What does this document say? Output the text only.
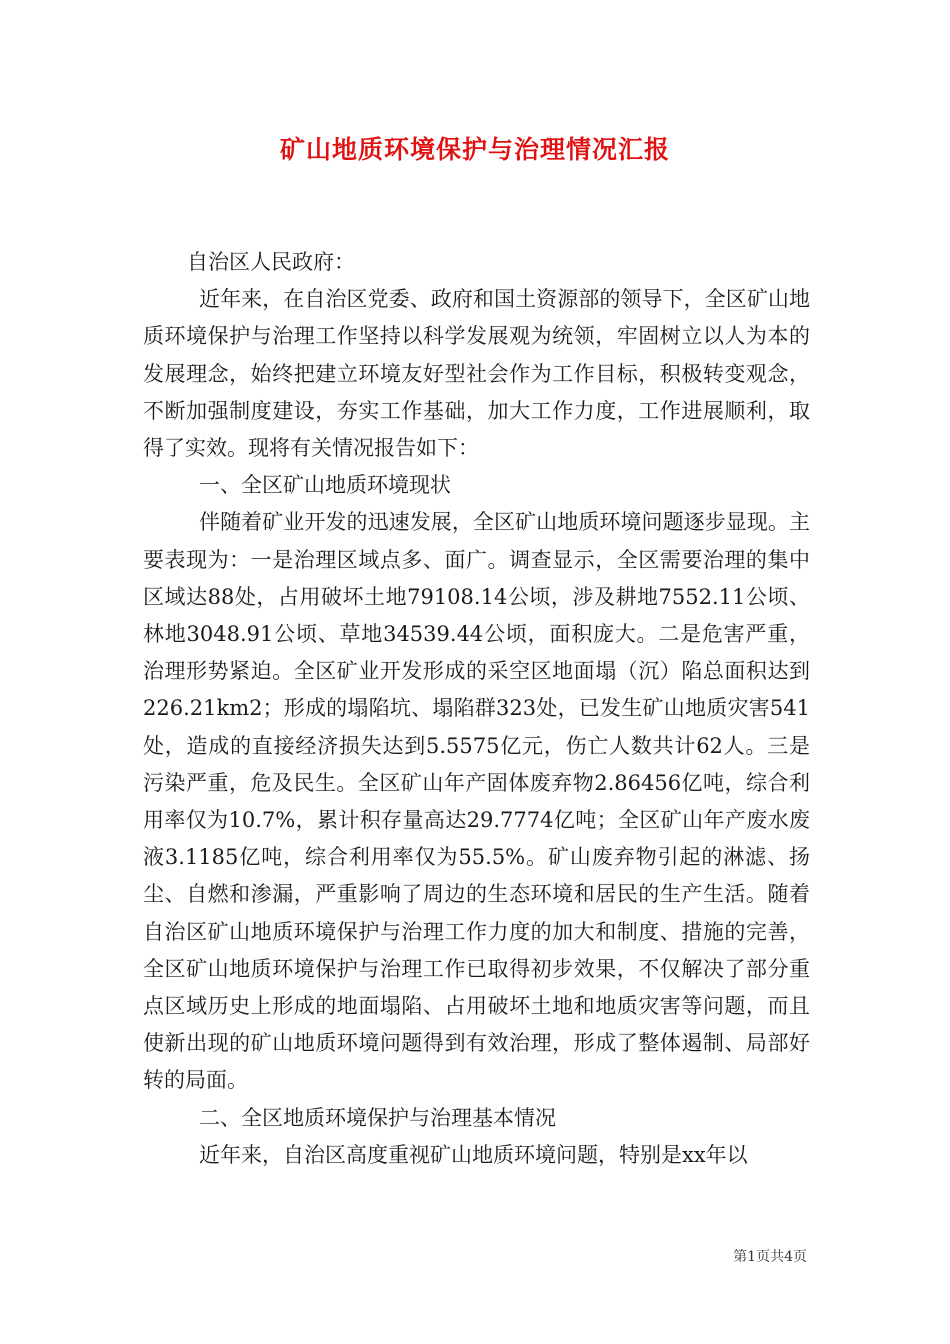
矿山地质环境保护与治理情况汇报

自治区人民政府：

近年来，在自治区党委、政府和国土资源部的领导下，全区矿山地质环境保护与治理工作坚持以科学发展观为统领，牢固树立以人为本的发展理念，始终把建立环境友好型社会作为工作目标，积极转变观念，不断加强制度建设，夯实工作基础，加大工作力度，工作进展顺利，取得了实效。现将有关情况报告如下：

一、全区矿山地质环境现状

伴随着矿业开发的迅速发展，全区矿山地质环境问题逐步显现。主要表现为：一是治理区域点多、面广。调查显示，全区需要治理的集中区域达88处，占用破坏土地79108.14公顷，涉及耕地7552.11公顷、林地3048.91公顷、草地34539.44公顷，面积庞大。二是危害严重，治理形势紧迫。全区矿业开发形成的采空区地面塌（沉）陷总面积达到226.21km2；形成的塌陷坑、塌陷群323处，已发生矿山地质灾害541处，造成的直接经济损失达到5.5575亿元，伤亡人数共计62人。三是污染严重，危及民生。全区矿山年产固体废弃物2.86456亿吨，综合利用率仅为10.7%，累计积存量高达29.7774亿吨；全区矿山年产废水废液3.1185亿吨，综合利用率仅为55.5%。矿山废弃物引起的淋滤、扬尘、自燃和渗漏，严重影响了周边的生态环境和居民的生产生活。随着自治区矿山地质环境保护与治理工作力度的加大和制度、措施的完善，全区矿山地质环境保护与治理工作已取得初步效果，不仅解决了部分重点区域历史上形成的地面塌陷、占用破坏土地和地质灾害等问题，而且使新出现的矿山地质环境问题得到有效治理，形成了整体遏制、局部好转的局面。

二、全区地质环境保护与治理基本情况

近年来，自治区高度重视矿山地质环境问题，特别是xx年以

第1页共4页
